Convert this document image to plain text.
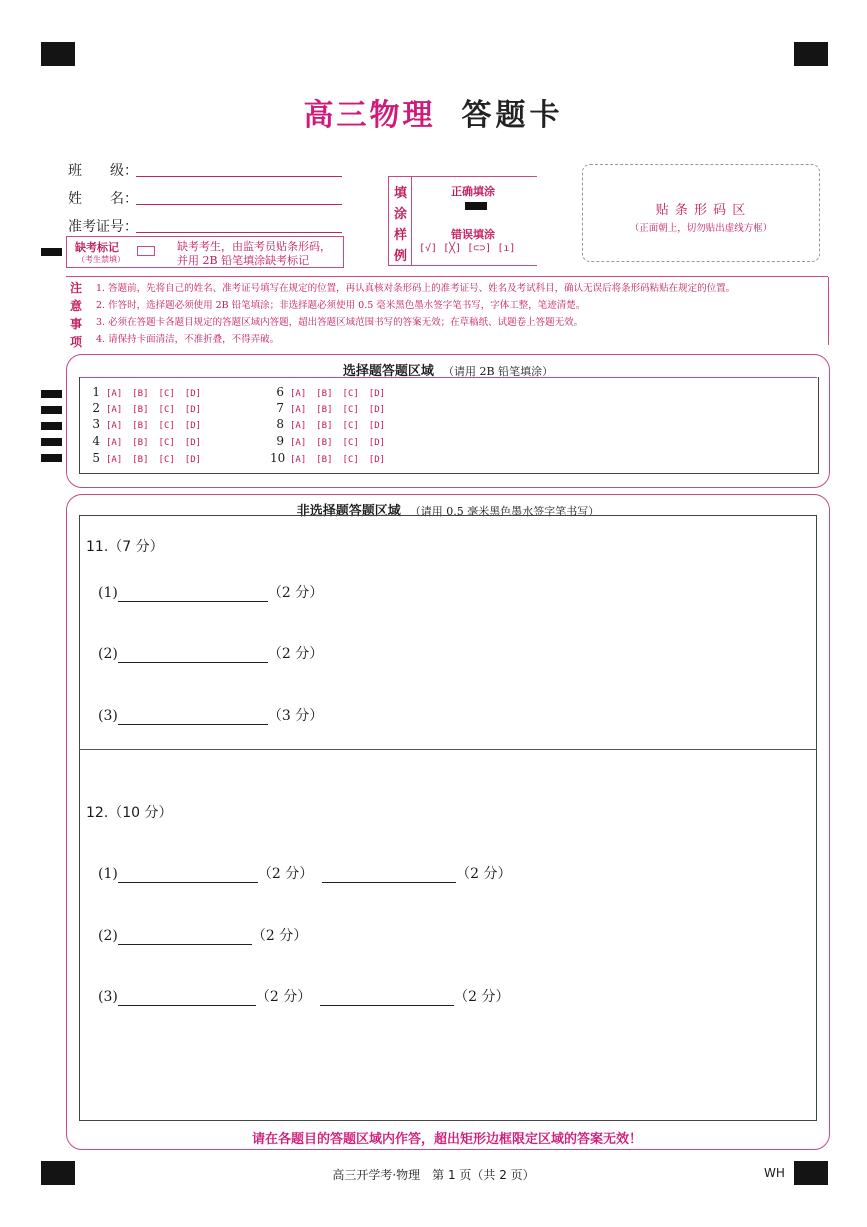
高三物理 答题卡
班　　级：
姓　　名：
准考证号：
缺考标记
（考生禁填）
缺考考生，由监考员贴条形码，
并用 2B 铅笔填涂缺考标记
填
涂
样
例
正确填涂
错误填涂
[√] [╳] [⊂⊃] [ı]
贴 条 形 码 区
（正面朝上，切勿贴出虚线方框）
注
意
事
项
1. 答题前，先将自己的姓名、准考证号填写在规定的位置，再认真核对条形码上的准考证号、姓名及考试科目，确认无误后将条形码粘贴在规定的位置。
2. 作答时，选择题必须使用 2B 铅笔填涂；非选择题必须使用 0.5 毫米黑色墨水签字笔书写，字体工整，笔迹清楚。
3. 必须在答题卡各题目规定的答题区域内答题，超出答题区域范围书写的答案无效；在草稿纸、试题卷上答题无效。
4. 请保持卡面清洁，不准折叠，不得弄破。
选择题答题区域 （请用 2B 铅笔填涂）
1 [A] [B] [C] [D]
2 [A] [B] [C] [D]
3 [A] [B] [C] [D]
4 [A] [B] [C] [D]
5 [A] [B] [C] [D]
6 [A] [B] [C] [D]
7 [A] [B] [C] [D]
8 [A] [B] [C] [D]
9 [A] [B] [C] [D]
10 [A] [B] [C] [D]
非选择题答题区域 （请用 0.5 毫米黑色墨水签字笔书写）
11.（7 分）
(1)	（2 分）
(2)	（2 分）
(3)	（3 分）
12.（10 分）
(1)	（2 分）	（2 分）
(2)	（2 分）
(3)	（2 分）	（2 分）
请在各题目的答题区域内作答，超出矩形边框限定区域的答案无效！
高三开学考·物理　第 1 页（共 2 页）	WH
